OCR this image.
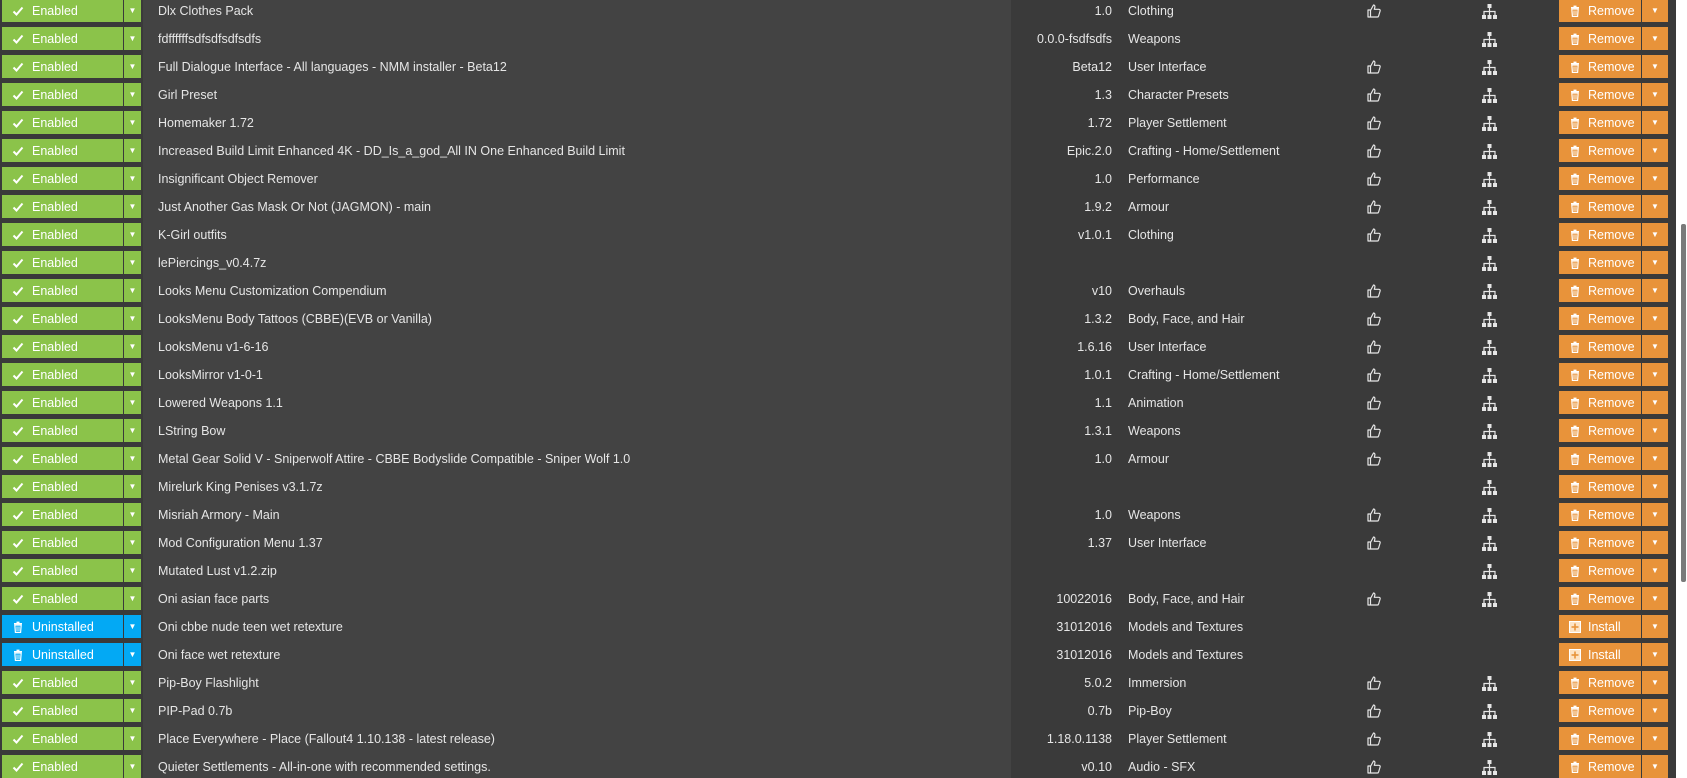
Enabled	▼ Dlx Clothes Pack	1.0 Clothing	Remove ▼
Enabled	▼ fdffffffsdfsdfsdfsdfs	0.0.0-fsdfsdfs Weapons	Remove ▼
Enabled	▼ Full Dialogue Interface - All languages - NMM installer - Beta12	Beta12 User Interface	Remove ▼
Enabled	▼ Girl Preset	1.3 Character Presets	Remove ▼
Enabled	▼ Homemaker 1.72	1.72 Player Settlement	Remove ▼
Enabled	▼ Increased Build Limit Enhanced 4K - DD_Is_a_god_All IN One Enhanced Build Limit	Epic.2.0 Crafting - Home/Settlement	Remove ▼
Enabled	▼ Insignificant Object Remover	1.0 Performance	Remove ▼
Enabled	▼ Just Another Gas Mask Or Not (JAGMON) - main	1.9.2 Armour	Remove ▼
Enabled	▼ K-Girl outfits	v1.0.1 Clothing	Remove ▼
Enabled	▼ lePiercings_v0.4.7z	Remove ▼
Enabled	▼ Looks Menu Customization Compendium	v10 Overhauls	Remove ▼
Enabled	▼ LooksMenu Body Tattoos (CBBE)(EVB or Vanilla)	1.3.2 Body, Face, and Hair	Remove ▼
Enabled	▼ LooksMenu v1-6-16	1.6.16 User Interface	Remove ▼
Enabled	▼ LooksMirror v1-0-1	1.0.1 Crafting - Home/Settlement	Remove ▼
Enabled	▼ Lowered Weapons 1.1	1.1 Animation	Remove ▼
Enabled	▼ LString Bow	1.3.1 Weapons	Remove ▼
Enabled	▼ Metal Gear Solid V - Sniperwolf Attire - CBBE Bodyslide Compatible - Sniper Wolf 1.0	1.0 Armour	Remove ▼
Enabled	▼ Mirelurk King Penises v3.1.7z	Remove ▼
Enabled	▼ Misriah Armory - Main	1.0 Weapons	Remove ▼
Enabled	▼ Mod Configuration Menu 1.37	1.37 User Interface	Remove ▼
Enabled	▼ Mutated Lust v1.2.zip	Remove ▼
Enabled	▼ Oni asian face parts	10022016 Body, Face, and Hair	Remove ▼
Uninstalled	▼ Oni cbbe nude teen wet retexture	31012016 Models and Textures	Install	▼
Uninstalled	▼ Oni face wet retexture	31012016 Models and Textures	Install	▼
Enabled	▼ Pip-Boy Flashlight	5.0.2 Immersion	Remove ▼
Enabled	▼ PIP-Pad 0.7b	0.7b Pip-Boy	Remove ▼
Enabled	▼ Place Everywhere - Place (Fallout4 1.10.138 - latest release)	1.18.0.1138 Player Settlement	Remove ▼
Enabled	▼ Quieter Settlements - All-in-one with recommended settings.	v0.10 Audio - SFX	Remove ▼
